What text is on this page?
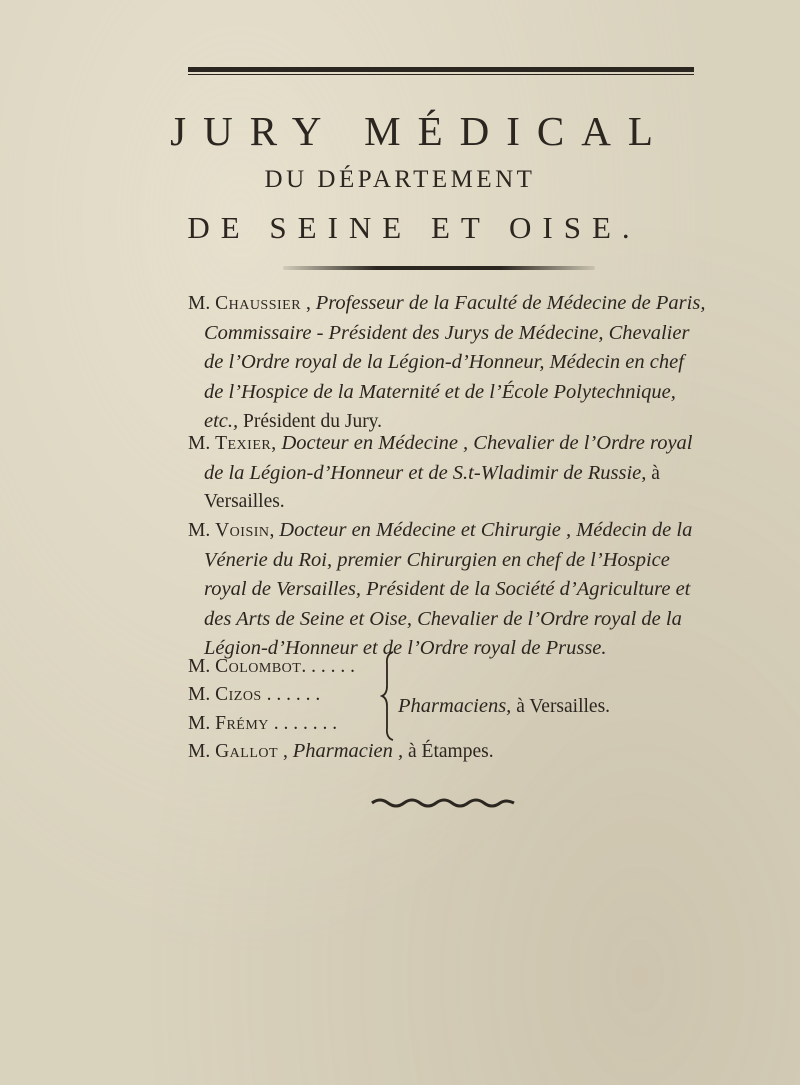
JURY MÉDICAL
DU DÉPARTEMENT
DE SEINE ET OISE.
M. Chaussier , Professeur de la Faculté de Médecine de Paris, Commissaire - Président des Jurys de Médecine, Chevalier de l’Ordre royal de la Légion-d’Honneur, Médecin en chef de l’Hospice de la Maternité et de l’École Polytechnique, etc., Président du Jury.
M. Texier, Docteur en Médecine , Chevalier de l’Ordre royal de la Légion-d’Honneur et de S.t-Wladimir de Russie, à Versailles.
M. Voisin, Docteur en Médecine et Chirurgie , Médecin de la Vénerie du Roi, premier Chirurgien en chef de l’Hospice royal de Versailles, Président de la Société d’Agriculture et des Arts de Seine et Oise, Chevalier de l’Ordre royal de la Légion-d’Honneur et de l’Ordre royal de Prusse.
M. Colombot. . . . . .
M. Cizos . . . . . .
M. Frémy . . . . . . .
Pharmaciens, à Versailles.
M. Gallot , Pharmacien , à Étampes.
